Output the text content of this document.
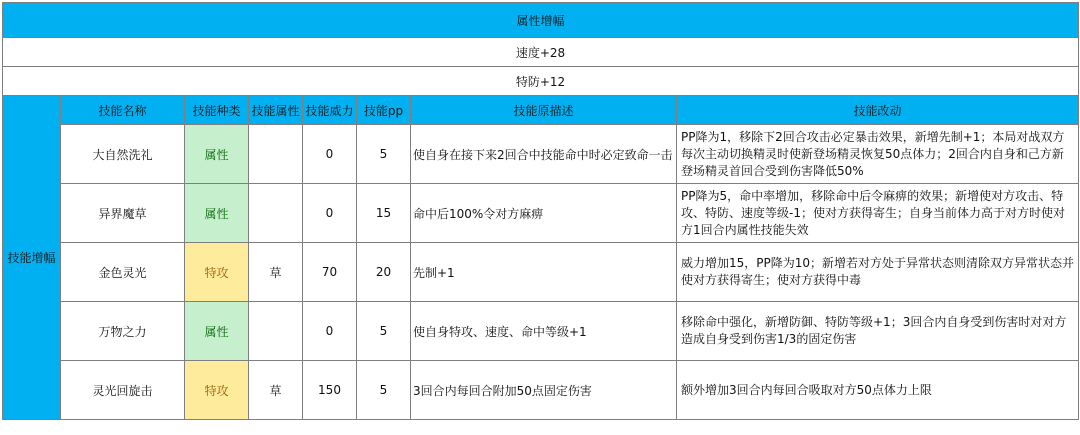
属性增幅							
速度+28							
特防+12							
技能增幅	技能名称	技能种类	技能属性	技能威力	技能pp	技能原描述	技能改动
	大自然洗礼	属性		0	5	使自身在接下来2回合中技能命中时必定致命一击	PP降为1，移除下2回合攻击必定暴击效果，新增先制+1；本局对战双方每次主动切换精灵时使新登场精灵恢复50点体力；2回合内自身和己方新登场精灵首回合受到伤害降低50%
	异界魔草	属性		0	15	命中后100%令对方麻痹	PP降为5，命中率增加，移除命中后令麻痹的效果；新增使对方攻击、特攻、特防、速度等级-1；使对方获得寄生；自身当前体力高于对方时使对方1回合内属性技能失效
	金色灵光	特攻	草	70	20	先制+1	威力增加15，PP降为10；新增若对方处于异常状态则清除双方异常状态并使对方获得寄生；使对方获得中毒
	万物之力	属性		0	5	使自身特攻、速度、命中等级+1	移除命中强化，新增防御、特防等级+1；3回合内自身受到伤害时对对方造成自身受到伤害1/3的固定伤害
	灵光回旋击	特攻	草	150	5	3回合内每回合附加50点固定伤害	额外增加3回合内每回合吸取对方50点体力上限
